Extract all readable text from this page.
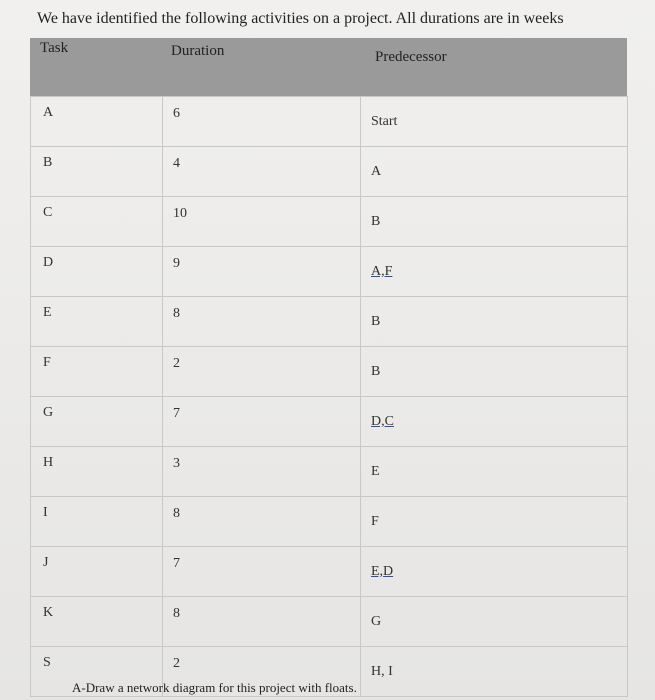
We have identified the following activities on a project. All durations are in weeks
Task	Duration	Predecessor
A	6	Start

B	4	A

C	10	B

D	9	A,F

E	8	B

F	2	B

G	7	D,C

H	3	E

I	8	F

J	7	E,D

K	8	G

S	2	H, I
A-Draw a network diagram for this project with floats.
